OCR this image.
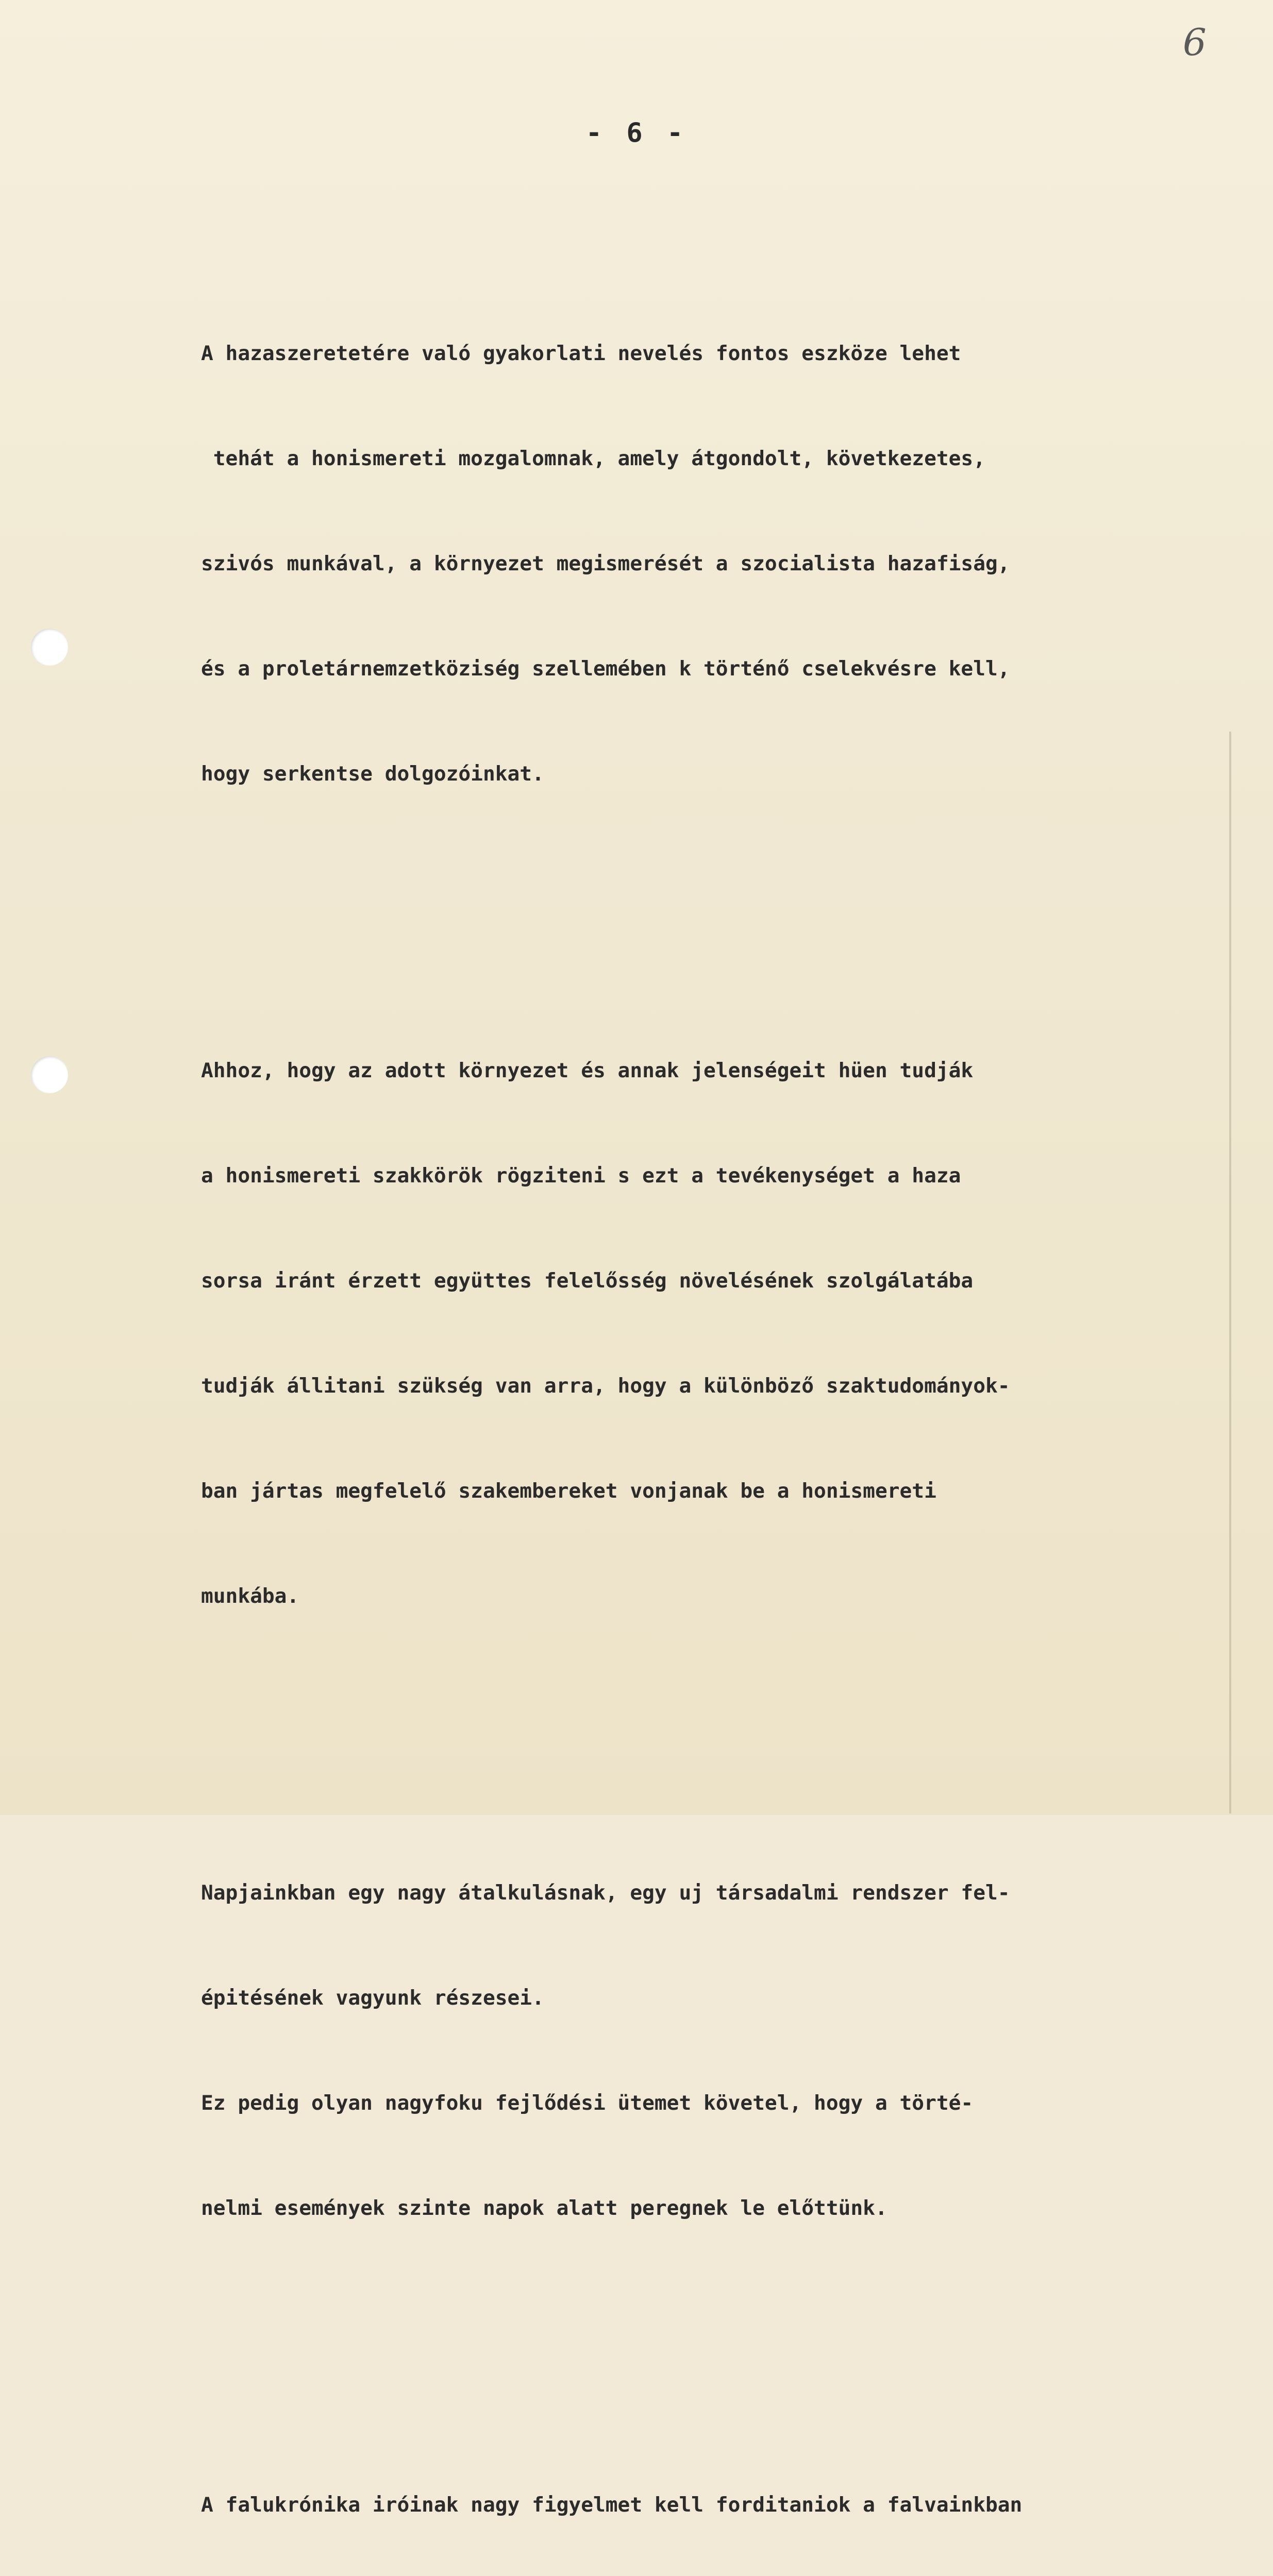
6
- 6 -

A hazaszeretetére való gyakorlati nevelés fontos eszköze lehet

tehát a honismereti mozgalomnak, amely átgondolt, következetes,

szivós munkával, a környezet megismerését a szocialista hazafiság,

és a proletárnemzetköziség szellemében k történő cselekvésre kell,

hogy serkentse dolgozóinkat.

Ahhoz, hogy az adott környezet és annak jelenségeit hüen tudják

a honismereti szakkörök rögziteni s ezt a tevékenységet a haza

sorsa iránt érzett együttes felelősség növelésének szolgálatába

tudják állitani szükség van arra, hogy a különböző szaktudományok-

ban jártas megfelelő szakembereket vonjanak be a honismereti

munkába.

Napjainkban egy nagy átalkulásnak, egy uj társadalmi rendszer fel-

épitésének vagyunk részesei.

Ez pedig olyan nagyfoku fejlődési ütemet követel, hogy a törté-

nelmi események szinte napok alatt peregnek le előttünk.

A falukrónika iróinak nagy figyelmet kell forditaniok a falvainkban
